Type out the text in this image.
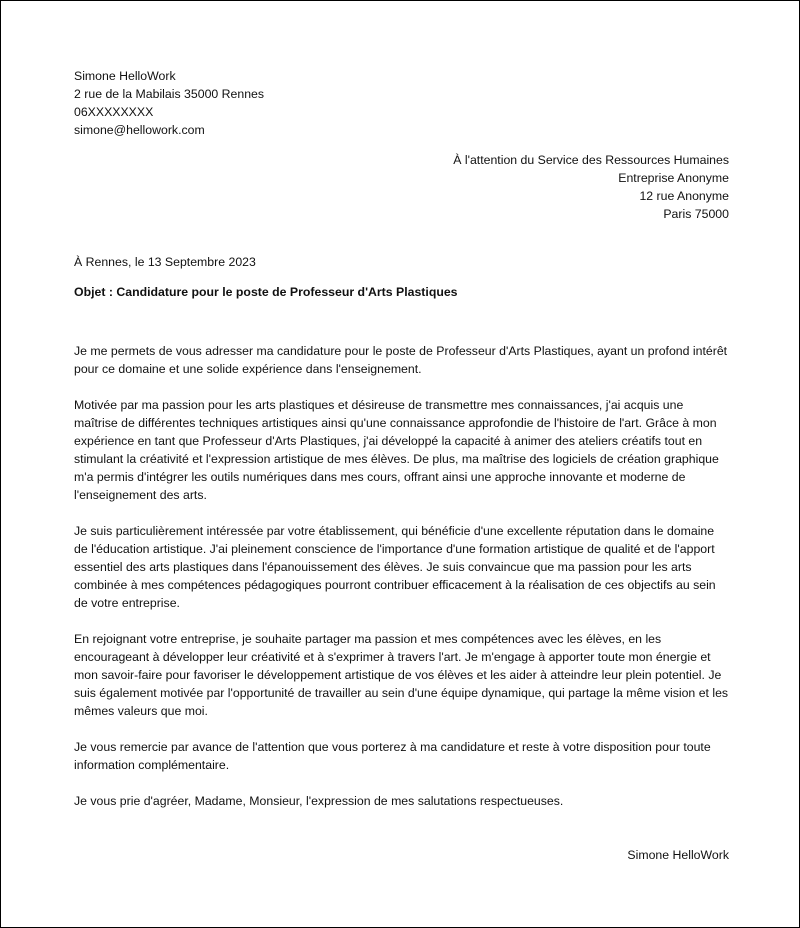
Simone HelloWork
2 rue de la Mabilais 35000 Rennes
06XXXXXXXX
simone@hellowork.com
À l'attention du Service des Ressources Humaines
Entreprise Anonyme
12 rue Anonyme
Paris 75000
À Rennes, le 13 Septembre 2023
Objet : Candidature pour le poste de Professeur d'Arts Plastiques

Je me permets de vous adresser ma candidature pour le poste de Professeur d'Arts Plastiques, ayant un profond intérêt pour ce domaine et une solide expérience dans l'enseignement.

Motivée par ma passion pour les arts plastiques et désireuse de transmettre mes connaissances, j'ai acquis une maîtrise de différentes techniques artistiques ainsi qu'une connaissance approfondie de l'histoire de l'art. Grâce à mon expérience en tant que Professeur d'Arts Plastiques, j'ai développé la capacité à animer des ateliers créatifs tout en stimulant la créativité et l'expression artistique de mes élèves. De plus, ma maîtrise des logiciels de création graphique m'a permis d'intégrer les outils numériques dans mes cours, offrant ainsi une approche innovante et moderne de l'enseignement des arts.

Je suis particulièrement intéressée par votre établissement, qui bénéficie d'une excellente réputation dans le domaine de l'éducation artistique. J'ai pleinement conscience de l'importance d'une formation artistique de qualité et de l'apport essentiel des arts plastiques dans l'épanouissement des élèves. Je suis convaincue que ma passion pour les arts combinée à mes compétences pédagogiques pourront contribuer efficacement à la réalisation de ces objectifs au sein de votre entreprise.

En rejoignant votre entreprise, je souhaite partager ma passion et mes compétences avec les élèves, en les encourageant à développer leur créativité et à s'exprimer à travers l'art. Je m'engage à apporter toute mon énergie et mon savoir-faire pour favoriser le développement artistique de vos élèves et les aider à atteindre leur plein potentiel. Je suis également motivée par l'opportunité de travailler au sein d'une équipe dynamique, qui partage la même vision et les mêmes valeurs que moi.

Je vous remercie par avance de l'attention que vous porterez à ma candidature et reste à votre disposition pour toute information complémentaire.

Je vous prie d'agréer, Madame, Monsieur, l'expression de mes salutations respectueuses.

Simone HelloWork
